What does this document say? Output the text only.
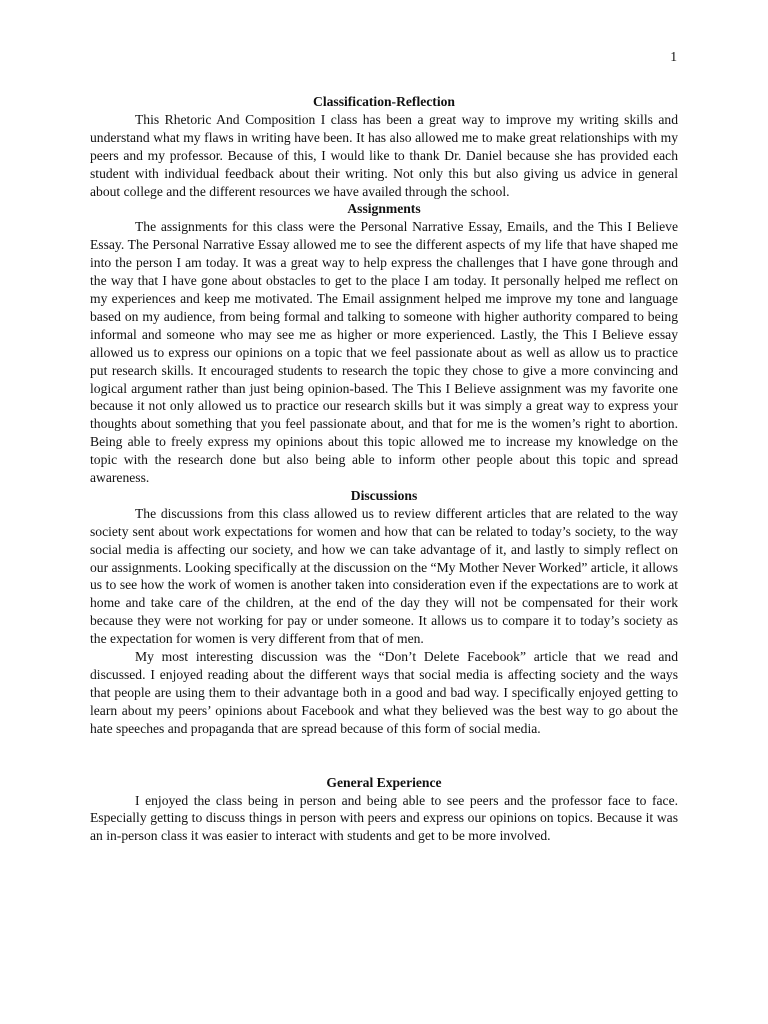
1
Classification-Reflection

This Rhetoric And Composition I class has been a great way to improve my writing skills and understand what my flaws in writing have been. It has also allowed me to make great relationships with my peers and my professor. Because of this, I would like to thank Dr. Daniel because she has provided each student with individual feedback about their writing. Not only this but also giving us advice in general about college and the different resources we have availed through the school.

Assignments

The assignments for this class were the Personal Narrative Essay, Emails, and the This I Believe Essay. The Personal Narrative Essay allowed me to see the different aspects of my life that have shaped me into the person I am today. It was a great way to help express the challenges that I have gone through and the way that I have gone about obstacles to get to the place I am today. It personally helped me reflect on my experiences and keep me motivated. The Email assignment helped me improve my tone and language based on my audience, from being formal and talking to someone with higher authority compared to being informal and someone who may see me as higher or more experienced. Lastly, the This I Believe essay allowed us to express our opinions on a topic that we feel passionate about as well as allow us to practice put research skills. It encouraged students to research the topic they chose to give a more convincing and logical argument rather than just being opinion-based. The This I Believe assignment was my favorite one because it not only allowed us to practice our research skills but it was simply a great way to express your thoughts about something that you feel passionate about, and that for me is the women’s right to abortion. Being able to freely express my opinions about this topic allowed me to increase my knowledge on the topic with the research done but also being able to inform other people about this topic and spread awareness.

Discussions

The discussions from this class allowed us to review different articles that are related to the way society sent about work expectations for women and how that can be related to today’s society, to the way social media is affecting our society, and how we can take advantage of it, and lastly to simply reflect on our assignments. Looking specifically at the discussion on the “My Mother Never Worked” article, it allows us to see how the work of women is another taken into consideration even if the expectations are to work at home and take care of the children, at the end of the day they will not be compensated for their work because they were not working for pay or under someone. It allows us to compare it to today’s society as the expectation for women is very different from that of men.

My most interesting discussion was the “Don’t Delete Facebook” article that we read and discussed. I enjoyed reading about the different ways that social media is affecting society and the ways that people are using them to their advantage both in a good and bad way. I specifically enjoyed getting to learn about my peers’ opinions about Facebook and what they believed was the best way to go about the hate speeches and propaganda that are spread because of this form of social media.

General Experience

I enjoyed the class being in person and being able to see peers and the professor face to face. Especially getting to discuss things in person with peers and express our opinions on topics. Because it was an in-person class it was easier to interact with students and get to be more involved.
